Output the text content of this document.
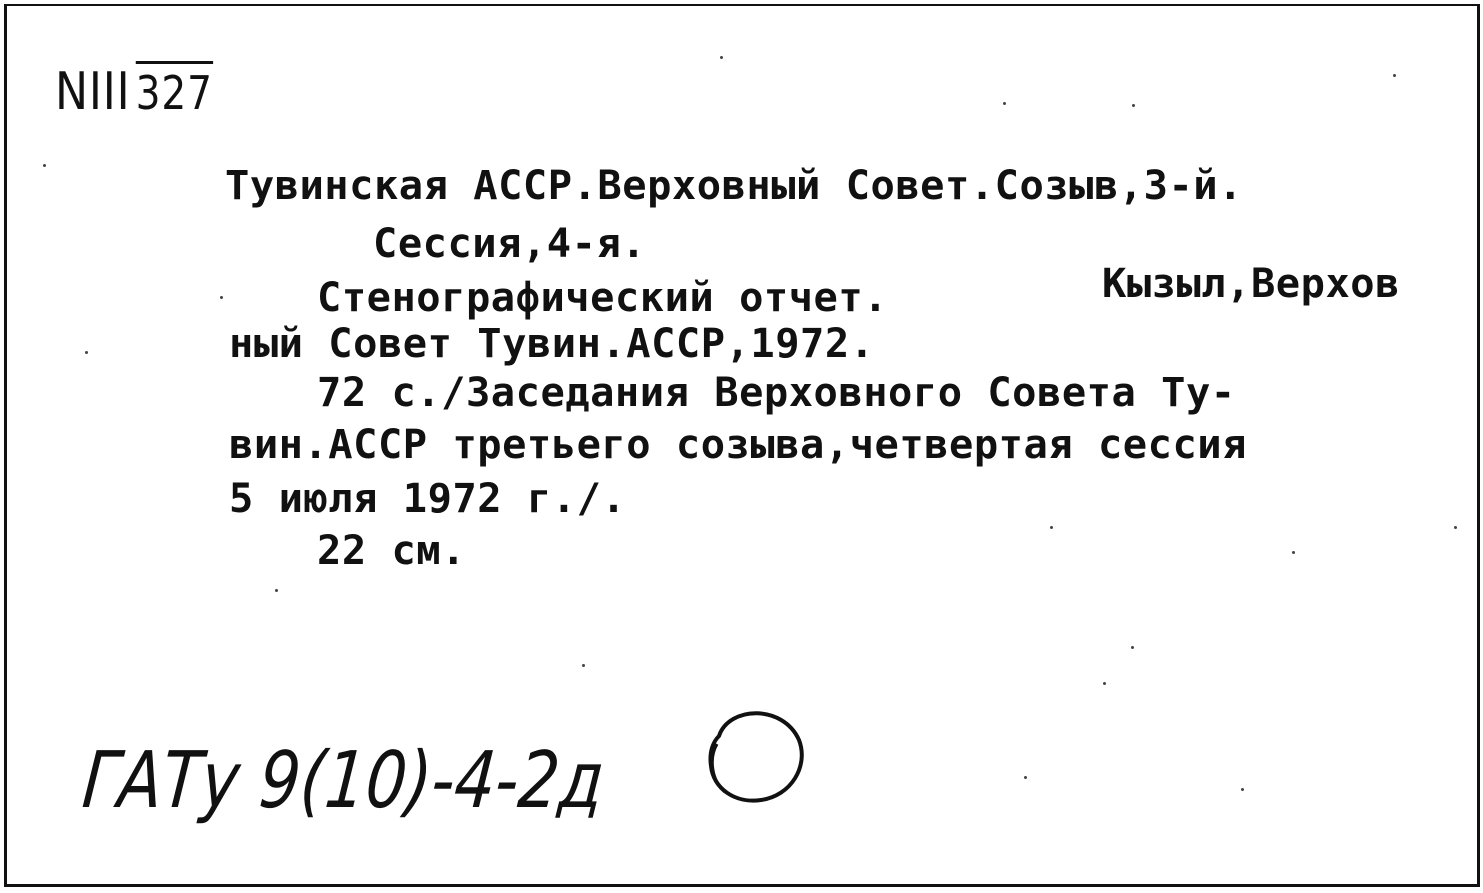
NIII 327
Тувинская АССР.Верховный Совет.Созыв,3-й.
Сессия,4-я.
Стенографический отчет.	Кызыл,Верхов
ный Совет Тувин.АССР,1972.
72 с./Заседания Верховного Совета Ту-
вин.АССР третьего созыва,четвертая сессия
5 июля 1972 г./.
22 см.
ГАТу 9(10)-4-2д
